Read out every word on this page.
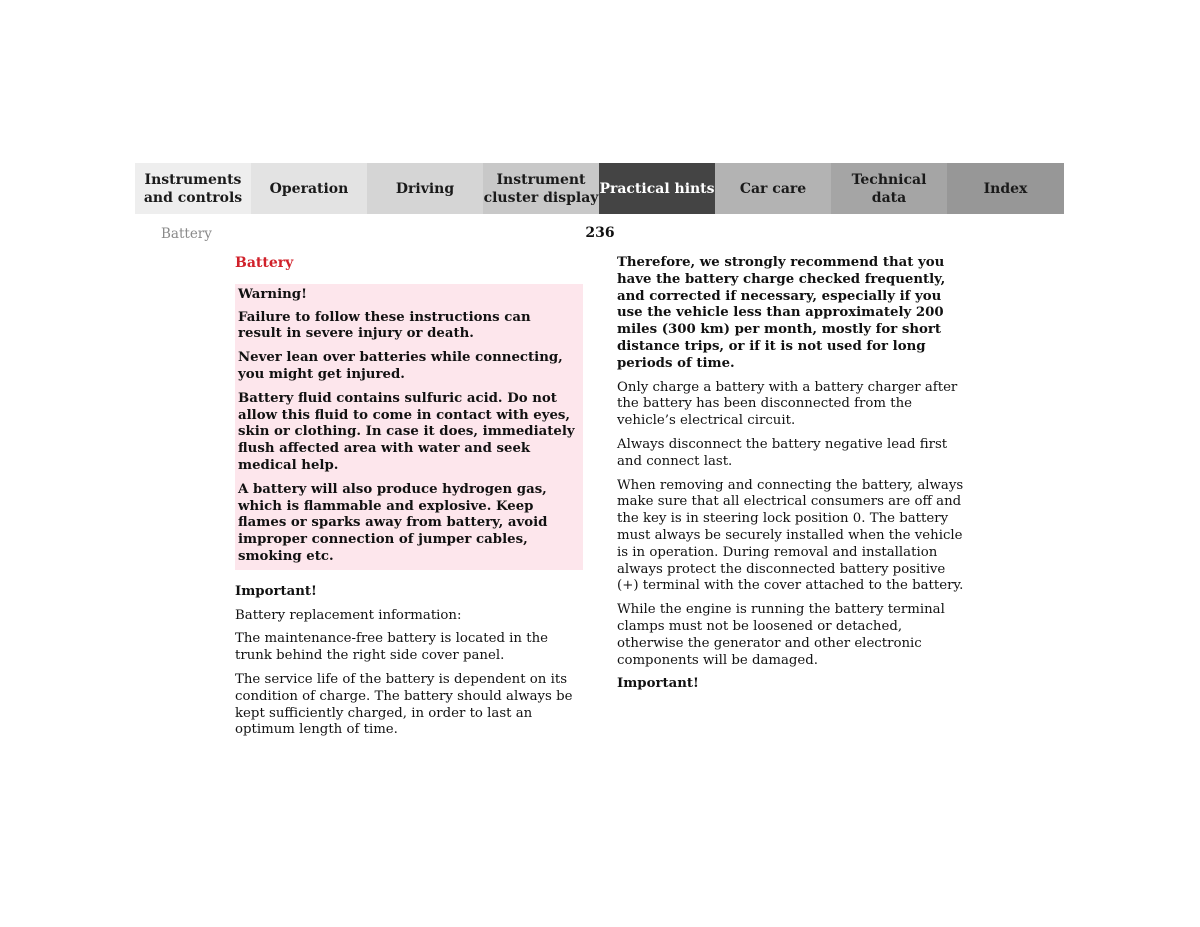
Instruments
and controls
Operation	Driving
Instrument
cluster display
Practical hints	Car care
Technical
data
Index
Battery	236

Battery

Warning!

Failure to follow these instructions can result in severe injury or death.

Never lean over batteries while connecting, you might get injured.

Battery fluid contains sulfuric acid. Do not allow this fluid to come in contact with eyes, skin or clothing. In case it does, immediately flush affected area with water and seek medical help.

A battery will also produce hydrogen gas, which is flammable and explosive. Keep flames or sparks away from battery, avoid improper connection of jumper cables, smoking etc.

Important!

Battery replacement information:

The maintenance-free battery is located in the trunk behind the right side cover panel.

The service life of the battery is dependent on its condition of charge. The battery should always be kept sufficiently charged, in order to last an optimum length of time.

Therefore, we strongly recommend that you have the battery charge checked frequently, and corrected if necessary, especially if you use the vehicle less than approximately 200 miles (300 km) per month, mostly for short distance trips, or if it is not used for long periods of time.

Only charge a battery with a battery charger after the battery has been disconnected from the vehicle’s electrical circuit.

Always disconnect the battery negative lead first and connect last.

When removing and connecting the battery, always make sure that all electrical consumers are off and the key is in steering lock position 0. The battery must always be securely installed when the vehicle is in operation. During removal and installation always protect the disconnected battery positive (+) terminal with the cover attached to the battery.

While the engine is running the battery terminal clamps must not be loosened or detached, otherwise the generator and other electronic components will be damaged.

Important!
